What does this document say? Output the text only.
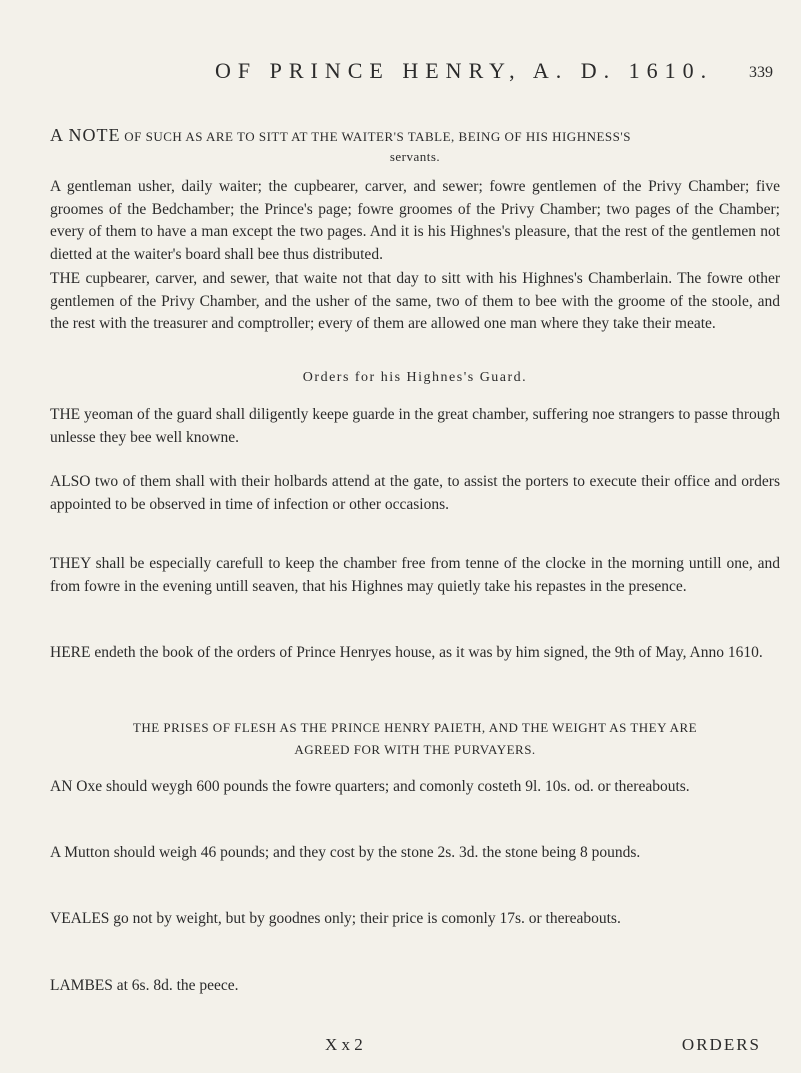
OF PRINCE HENRY, A. D. 1610.	339
A NOTE OF SUCH AS ARE TO SITT AT THE WAITER'S TABLE, BEING OF HIS HIGHNESS'S
servants.
A gentleman usher, daily waiter; the cupbearer, carver, and sewer; fowre gentlemen of the Privy Chamber; five groomes of the Bedchamber; the Prince's page; fowre groomes of the Privy Chamber; two pages of the Chamber; every of them to have a man except the two pages. And it is his Highnes's pleasure, that the rest of the gentlemen not dietted at the waiter's board shall bee thus distributed.
THE cupbearer, carver, and sewer, that waite not that day to sitt with his Highnes's Chamberlain. The fowre other gentlemen of the Privy Chamber, and the usher of the same, two of them to bee with the groome of the stoole, and the rest with the treasurer and comptroller; every of them are allowed one man where they take their meate.
Orders for his Highnes's Guard.
THE yeoman of the guard shall diligently keepe guarde in the great chamber, suffering noe strangers to passe through unlesse they bee well knowne.
ALSO two of them shall with their holbards attend at the gate, to assist the porters to execute their office and orders appointed to be observed in time of infection or other occasions.
THEY shall be especially carefull to keep the chamber free from tenne of the clocke in the morning untill one, and from fowre in the evening untill seaven, that his Highnes may quietly take his repastes in the presence.
HERE endeth the book of the orders of Prince Henryes house, as it was by him signed, the 9th of May, Anno 1610.
THE PRISES OF FLESH AS THE PRINCE HENRY PAIETH, AND THE WEIGHT AS THEY ARE
AGREED FOR WITH THE PURVAYERS.
AN Oxe should weygh 600 pounds the fowre quarters; and comonly costeth 9l. 10s. od. or thereabouts.
A Mutton should weigh 46 pounds; and they cost by the stone 2s. 3d. the stone being 8 pounds.
VEALES go not by weight, but by goodnes only; their price is comonly 17s. or thereabouts.
LAMBES at 6s. 8d. the peece.
X x 2	ORDERS
